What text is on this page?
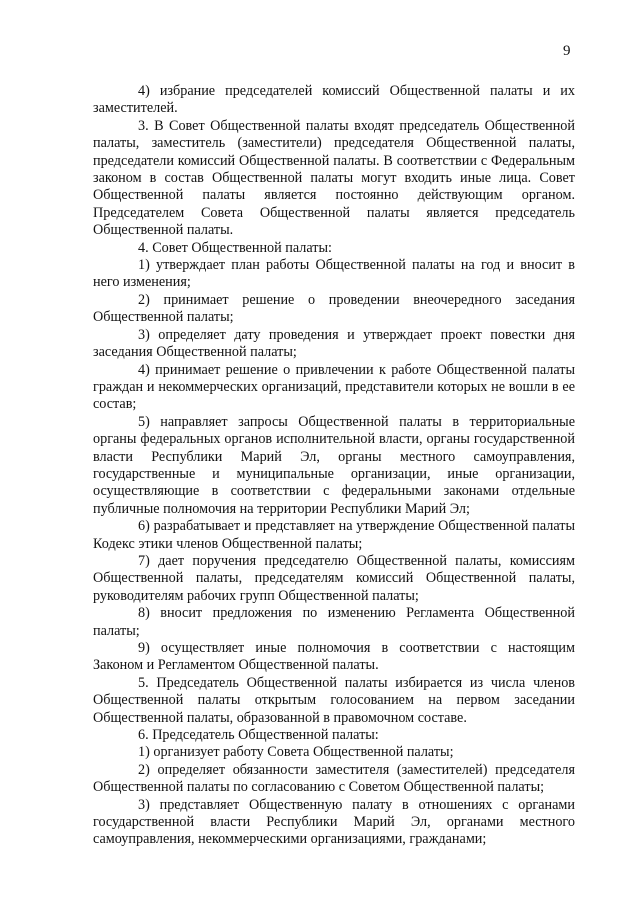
9

4) избрание председателей комиссий Общественной палаты и их заместителей.

3. В Совет Общественной палаты входят председатель Общественной палаты, заместитель (заместители) председателя Общественной палаты, председатели комиссий Общественной палаты. В соответствии с Федеральным законом в состав Общественной палаты могут входить иные лица. Совет Общественной палаты является постоянно действующим органом. Председателем Совета Общественной палаты является председатель Общественной палаты.

4. Совет Общественной палаты:

1) утверждает план работы Общественной палаты на год и вносит в него изменения;

2) принимает решение о проведении внеочередного заседания Общественной палаты;

3) определяет дату проведения и утверждает проект повестки дня заседания Общественной палаты;

4) принимает решение о привлечении к работе Общественной палаты граждан и некоммерческих организаций, представители которых не вошли в ее состав;

5) направляет запросы Общественной палаты в территориальные органы федеральных органов исполнительной власти, органы государственной власти Республики Марий Эл, органы местного самоуправления, государственные и муниципальные организации, иные организации, осуществляющие в соответствии с федеральными законами отдельные публичные полномочия на территории Республики Марий Эл;

6) разрабатывает и представляет на утверждение Общественной палаты Кодекс этики членов Общественной палаты;

7) дает поручения председателю Общественной палаты, комиссиям Общественной палаты, председателям комиссий Общественной палаты, руководителям рабочих групп Общественной палаты;

8) вносит предложения по изменению Регламента Общественной палаты;

9) осуществляет иные полномочия в соответствии с настоящим Законом и Регламентом Общественной палаты.

5. Председатель Общественной палаты избирается из числа членов Общественной палаты открытым голосованием на первом заседании Общественной палаты, образованной в правомочном составе.

6. Председатель Общественной палаты:

1) организует работу Совета Общественной палаты;

2) определяет обязанности заместителя (заместителей) председателя Общественной палаты по согласованию с Советом Общественной палаты;

3) представляет Общественную палату в отношениях с органами государственной власти Республики Марий Эл, органами местного самоуправления, некоммерческими организациями, гражданами;
